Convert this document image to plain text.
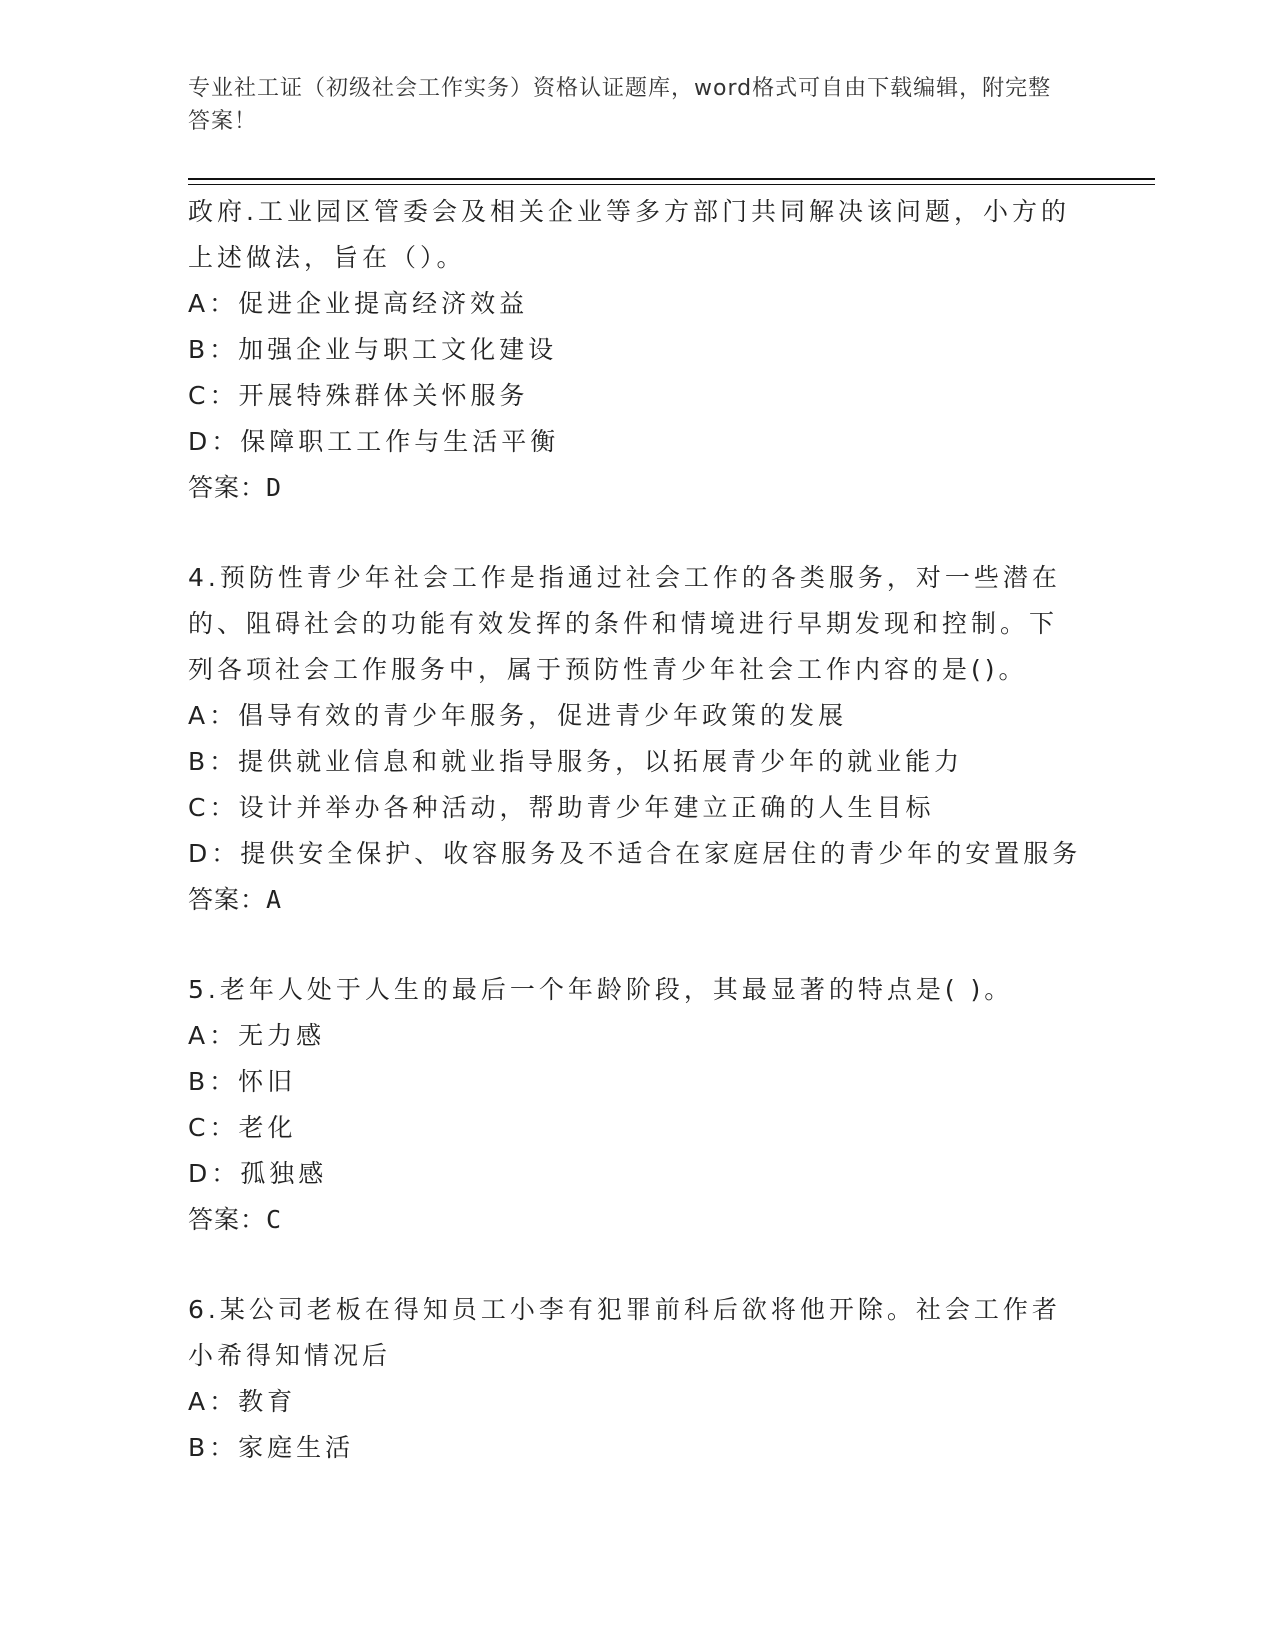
专业社工证（初级社会工作实务）资格认证题库，word格式可自由下载编辑，附完整答案！
政府.工业园区管委会及相关企业等多方部门共同解决该问题，小方的
上述做法，旨在（）。
A：促进企业提高经济效益
B：加强企业与职工文化建设
C：开展特殊群体关怀服务
D：保障职工工作与生活平衡
答案：D
4.预防性青少年社会工作是指通过社会工作的各类服务，对一些潜在
的、阻碍社会的功能有效发挥的条件和情境进行早期发现和控制。下
列各项社会工作服务中，属于预防性青少年社会工作内容的是()。
A：倡导有效的青少年服务，促进青少年政策的发展
B：提供就业信息和就业指导服务，以拓展青少年的就业能力
C：设计并举办各种活动，帮助青少年建立正确的人生目标
D：提供安全保护、收容服务及不适合在家庭居住的青少年的安置服务
答案：A
5.老年人处于人生的最后一个年龄阶段，其最显著的特点是( )。
A：无力感
B：怀旧
C：老化
D：孤独感
答案：C
6.某公司老板在得知员工小李有犯罪前科后欲将他开除。社会工作者
小希得知情况后
A：教育
B：家庭生活
